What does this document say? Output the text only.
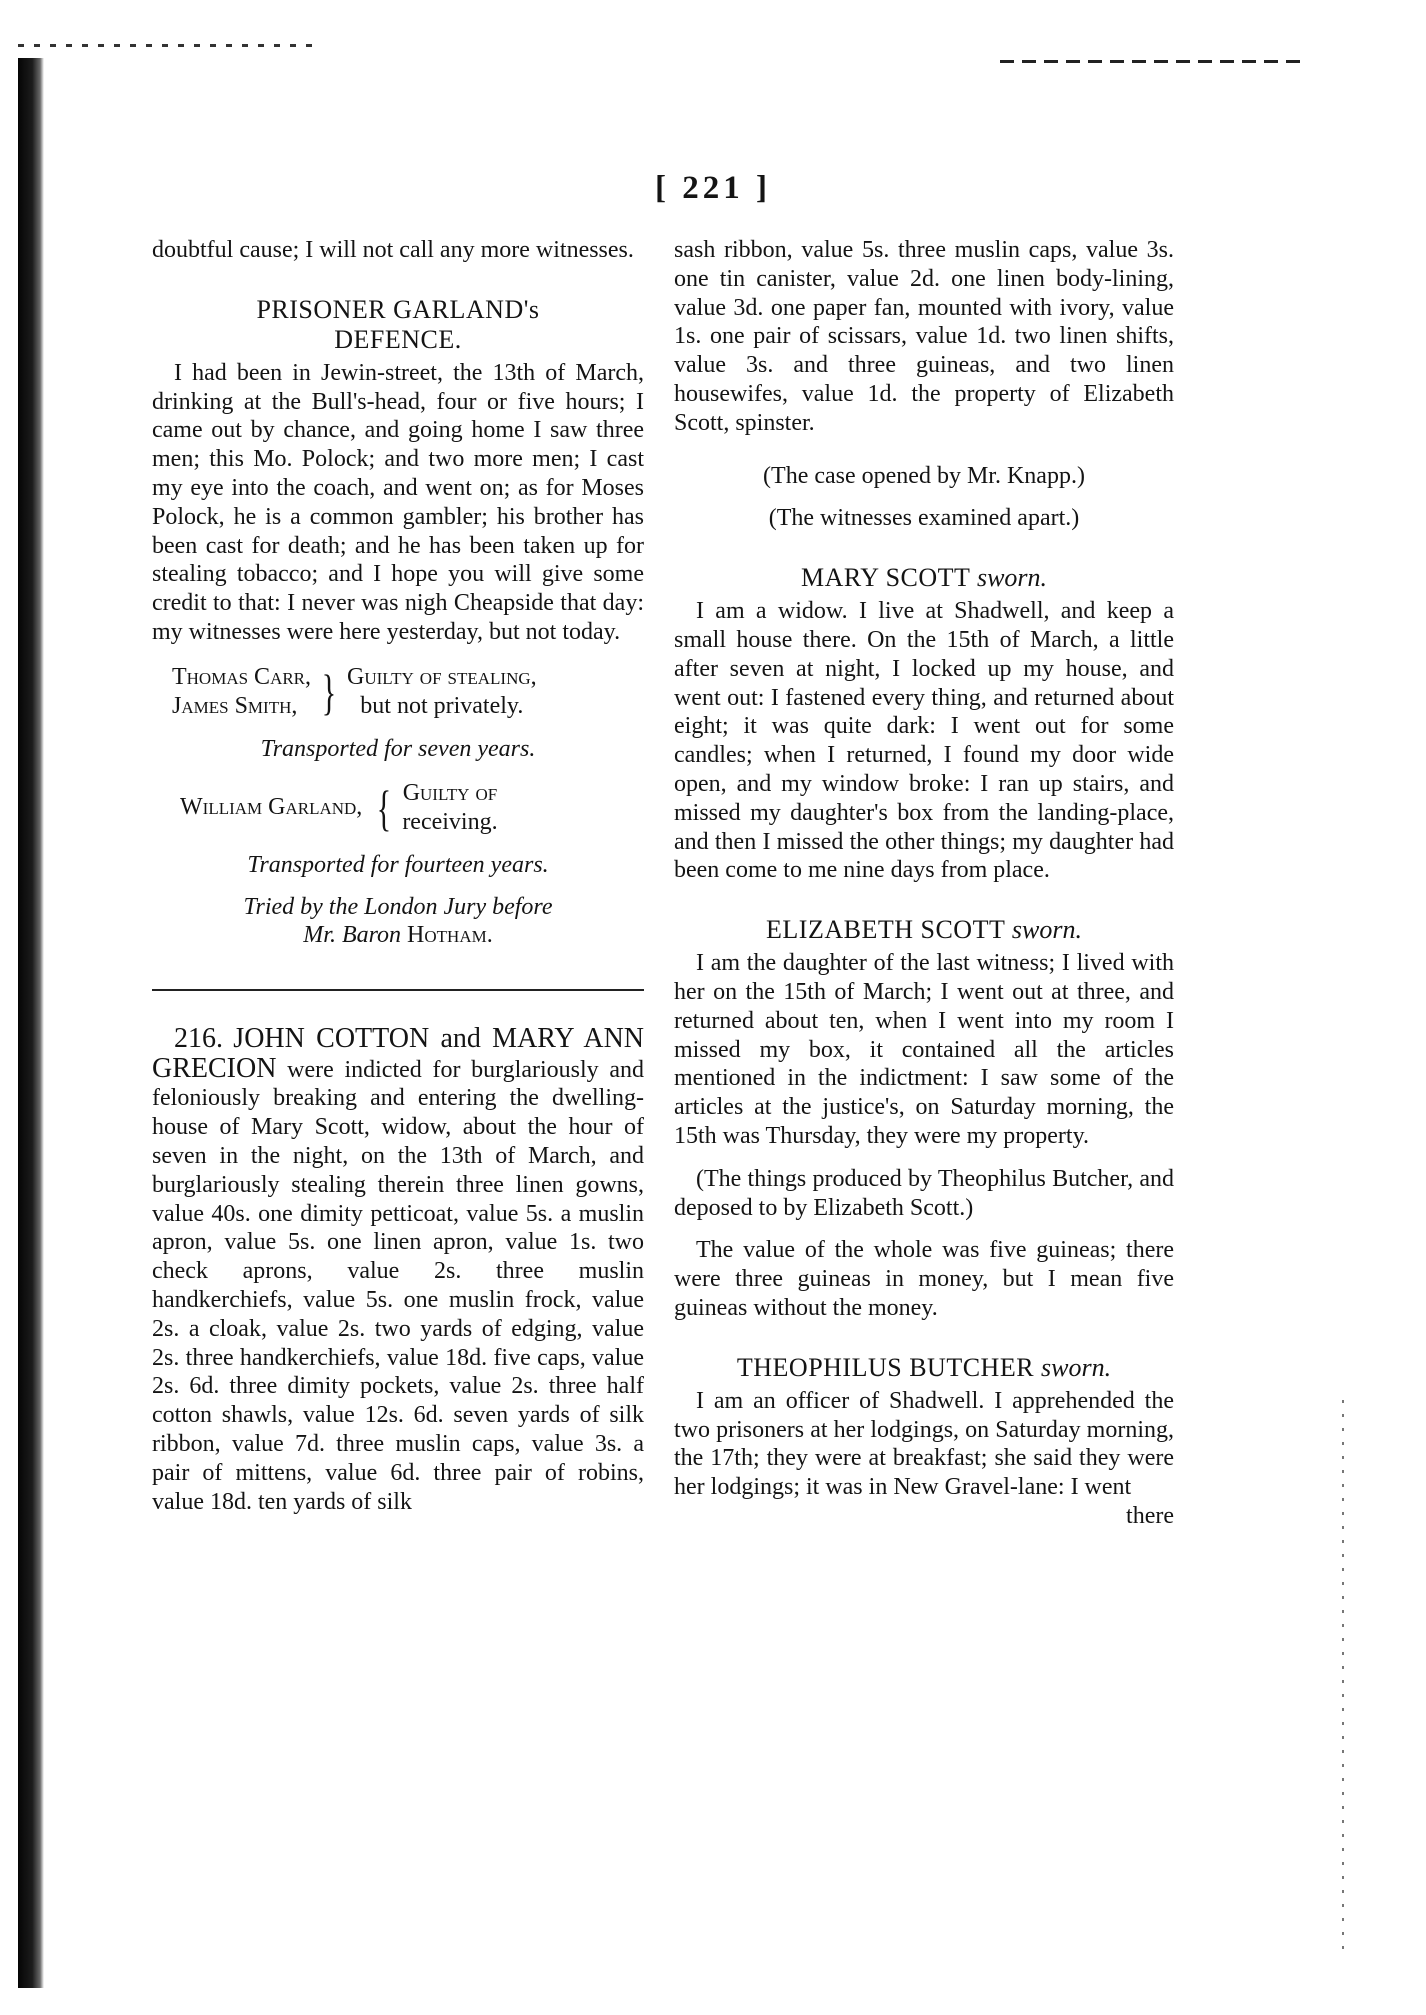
[ 221 ]

doubtful cause; I will not call any more witnesses.

PRISONER GARLAND's DEFENCE.

I had been in Jewin-street, the 13th of March, drinking at the Bull's-head, four or five hours; I came out by chance, and going home I saw three men; this Mo. Polock; and two more men; I cast my eye into the coach, and went on; as for Moses Polock, he is a common gambler; his brother has been cast for death; and he has been taken up for stealing tobacco; and I hope you will give some credit to that: I never was nigh Cheapside that day: my witnesses were here yesterday, but not today.

Thomas Carr,
James Smith, } Guilty of stealing,
but not privately.
Transported for seven years.
William Garland, { Guilty of
receiving.
Transported for fourteen years.
Tried by the London Jury before
Mr. Baron Hotham.

216. JOHN COTTON and MARY ANN GRECION were indicted for burglariously and feloniously breaking and entering the dwelling-house of Mary Scott, widow, about the hour of seven in the night, on the 13th of March, and burglariously stealing therein three linen gowns, value 40s. one dimity petticoat, value 5s. a muslin apron, value 5s. one linen apron, value 1s. two check aprons, value 2s. three muslin handkerchiefs, value 5s. one muslin frock, value 2s. a cloak, value 2s. two yards of edging, value 2s. three handkerchiefs, value 18d. five caps, value 2s. 6d. three dimity pockets, value 2s. three half cotton shawls, value 12s. 6d. seven yards of silk ribbon, value 7d. three muslin caps, value 3s. a pair of mittens, value 6d. three pair of robins, value 18d. ten yards of silk

sash ribbon, value 5s. three muslin caps, value 3s. one tin canister, value 2d. one linen body-lining, value 3d. one paper fan, mounted with ivory, value 1s. one pair of scissars, value 1d. two linen shifts, value 3s. and three guineas, and two linen housewifes, value 1d. the property of Elizabeth Scott, spinster.

(The case opened by Mr. Knapp.)
(The witnesses examined apart.)
MARY SCOTT sworn.

I am a widow. I live at Shadwell, and keep a small house there. On the 15th of March, a little after seven at night, I locked up my house, and went out: I fastened every thing, and returned about eight; it was quite dark: I went out for some candles; when I returned, I found my door wide open, and my window broke: I ran up stairs, and missed my daughter's box from the landing-place, and then I missed the other things; my daughter had been come to me nine days from place.

ELIZABETH SCOTT sworn.

I am the daughter of the last witness; I lived with her on the 15th of March; I went out at three, and returned about ten, when I went into my room I missed my box, it contained all the articles mentioned in the indictment: I saw some of the articles at the justice's, on Saturday morning, the 15th was Thursday, they were my property.

(The things produced by Theophilus Butcher, and deposed to by Elizabeth Scott.)

The value of the whole was five guineas; there were three guineas in money, but I mean five guineas without the money.

THEOPHILUS BUTCHER sworn.

I am an officer of Shadwell. I apprehended the two prisoners at her lodgings, on Saturday morning, the 17th; they were at breakfast; she said they were her lodgings; it was in New Gravel-lane: I went

there
